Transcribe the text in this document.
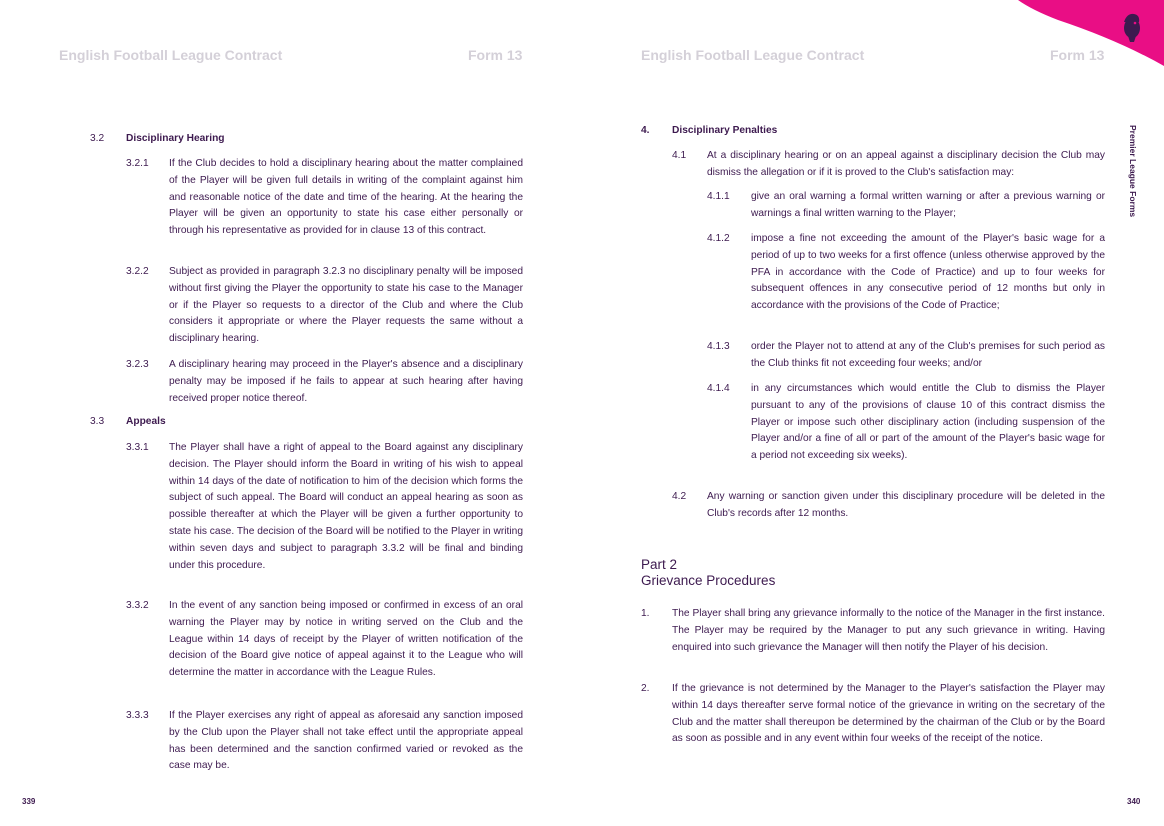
English Football League Contract	Form 13
3.2 Disciplinary Hearing
3.2.1 If the Club decides to hold a disciplinary hearing about the matter complained of the Player will be given full details in writing of the complaint against him and reasonable notice of the date and time of the hearing. At the hearing the Player will be given an opportunity to state his case either personally or through his representative as provided for in clause 13 of this contract.
3.2.2 Subject as provided in paragraph 3.2.3 no disciplinary penalty will be imposed without first giving the Player the opportunity to state his case to the Manager or if the Player so requests to a director of the Club and where the Club considers it appropriate or where the Player requests the same without a disciplinary hearing.
3.2.3 A disciplinary hearing may proceed in the Player's absence and a disciplinary penalty may be imposed if he fails to appear at such hearing after having received proper notice thereof.
3.3 Appeals
3.3.1 The Player shall have a right of appeal to the Board against any disciplinary decision. The Player should inform the Board in writing of his wish to appeal within 14 days of the date of notification to him of the decision which forms the subject of such appeal. The Board will conduct an appeal hearing as soon as possible thereafter at which the Player will be given a further opportunity to state his case. The decision of the Board will be notified to the Player in writing within seven days and subject to paragraph 3.3.2 will be final and binding under this procedure.
3.3.2 In the event of any sanction being imposed or confirmed in excess of an oral warning the Player may by notice in writing served on the Club and the League within 14 days of receipt by the Player of written notification of the decision of the Board give notice of appeal against it to the League who will determine the matter in accordance with the League Rules.
3.3.3 If the Player exercises any right of appeal as aforesaid any sanction imposed by the Club upon the Player shall not take effect until the appropriate appeal has been determined and the sanction confirmed varied or revoked as the case may be.
339
English Football League Contract	Form 13
4. Disciplinary Penalties
4.1 At a disciplinary hearing or on an appeal against a disciplinary decision the Club may dismiss the allegation or if it is proved to the Club's satisfaction may:
4.1.1 give an oral warning a formal written warning or after a previous warning or warnings a final written warning to the Player;
4.1.2 impose a fine not exceeding the amount of the Player's basic wage for a period of up to two weeks for a first offence (unless otherwise approved by the PFA in accordance with the Code of Practice) and up to four weeks for subsequent offences in any consecutive period of 12 months but only in accordance with the provisions of the Code of Practice;
4.1.3 order the Player not to attend at any of the Club's premises for such period as the Club thinks fit not exceeding four weeks; and/or
4.1.4 in any circumstances which would entitle the Club to dismiss the Player pursuant to any of the provisions of clause 10 of this contract dismiss the Player or impose such other disciplinary action (including suspension of the Player and/or a fine of all or part of the amount of the Player's basic wage for a period not exceeding six weeks).
4.2 Any warning or sanction given under this disciplinary procedure will be deleted in the Club's records after 12 months.
Part 2
Grievance Procedures
1. The Player shall bring any grievance informally to the notice of the Manager in the first instance. The Player may be required by the Manager to put any such grievance in writing. Having enquired into such grievance the Manager will then notify the Player of his decision.
2. If the grievance is not determined by the Manager to the Player's satisfaction the Player may within 14 days thereafter serve formal notice of the grievance in writing on the secretary of the Club and the matter shall thereupon be determined by the chairman of the Club or by the Board as soon as possible and in any event within four weeks of the receipt of the notice.
340
Premier League Forms
